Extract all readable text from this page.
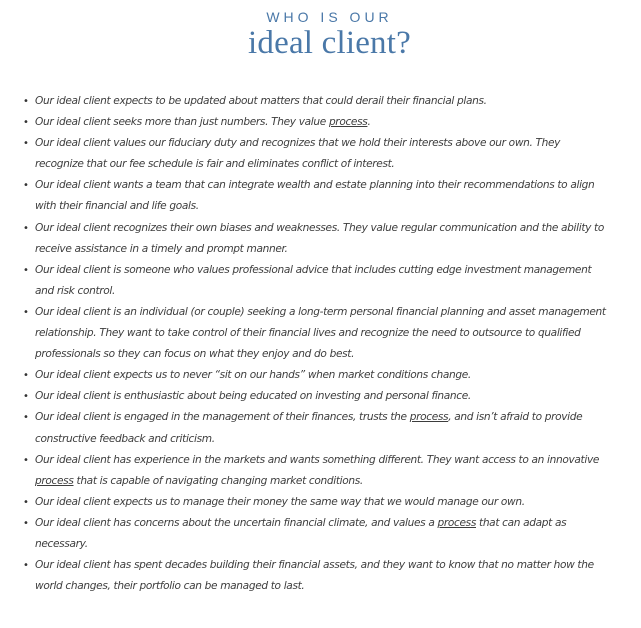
WHO IS OUR
ideal client?
• Our ideal client expects to be updated about matters that could derail their financial plans.
• Our ideal client seeks more than just numbers. They value process.
• Our ideal client values our fiduciary duty and recognizes that we hold their interests above our own. They recognize that our fee schedule is fair and eliminates conflict of interest.
• Our ideal client wants a team that can integrate wealth and estate planning into their recommendations to align with their financial and life goals.
• Our ideal client recognizes their own biases and weaknesses. They value regular communication and the ability to receive assistance in a timely and prompt manner.
• Our ideal client is someone who values professional advice that includes cutting edge investment management and risk control.
• Our ideal client is an individual (or couple) seeking a long-term personal financial planning and asset management relationship. They want to take control of their financial lives and recognize the need to outsource to qualified professionals so they can focus on what they enjoy and do best.
• Our ideal client expects us to never “sit on our hands” when market conditions change.
• Our ideal client is enthusiastic about being educated on investing and personal finance.
• Our ideal client is engaged in the management of their finances, trusts the process, and isn’t afraid to provide constructive feedback and criticism.
• Our ideal client has experience in the markets and wants something different. They want access to an innovative process that is capable of navigating changing market conditions.
• Our ideal client expects us to manage their money the same way that we would manage our own.
• Our ideal client has concerns about the uncertain financial climate, and values a process that can adapt as necessary.
• Our ideal client has spent decades building their financial assets, and they want to know that no matter how the world changes, their portfolio can be managed to last.
